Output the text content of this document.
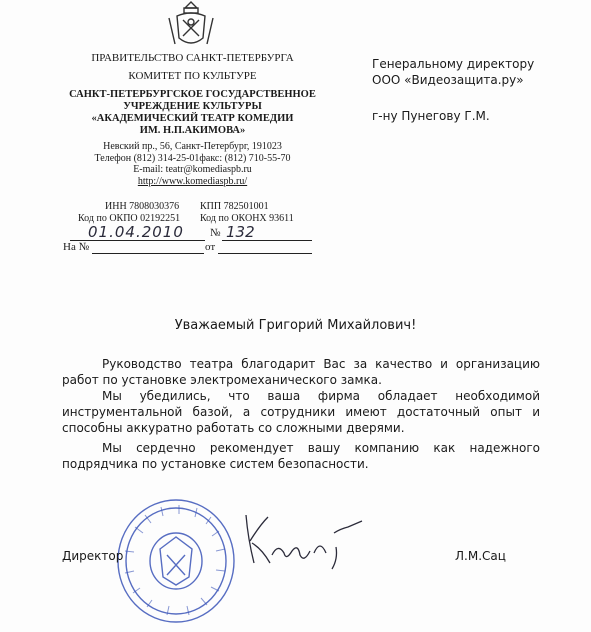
ПРАВИТЕЛЬСТВО САНКТ-ПЕТЕРБУРГА
КОМИТЕТ ПО КУЛЬТУРЕ
САНКТ-ПЕТЕРБУРГСКОЕ ГОСУДАРСТВЕННОЕ
УЧРЕЖДЕНИЕ КУЛЬТУРЫ
«АКАДЕМИЧЕСКИЙ ТЕАТР КОМЕДИИ
ИМ. Н.П.АКИМОВА»
Невский пр., 56, Санкт-Петербург, 191023
Телефон (812) 314-25-01факс: (812) 710-55-70
E-mail: teatr@komediaspb.ru
http://www.komediaspb.ru/
ИНН 7808030376 КПП 782501001
Код по ОКПО 02192251 Код по ОКОНХ 93611
01.04.2010 № 132
На №	от
Генеральному директору
ООО «Видеозащита.ру»
г-ну Пунегову Г.М.
Уважаемый Григорий Михайлович!
Руководство театра благодарит Вас за качество и организацию работ по установке электромеханического замка.
Мы убедились, что ваша фирма обладает необходимой инструментальной базой, а сотрудники имеют достаточный опыт и способны аккуратно работать со сложными дверями.
Мы сердечно рекомендует вашу компанию как надежного подрядчика по установке систем безопасности.
Директор	Л.М.Сац
